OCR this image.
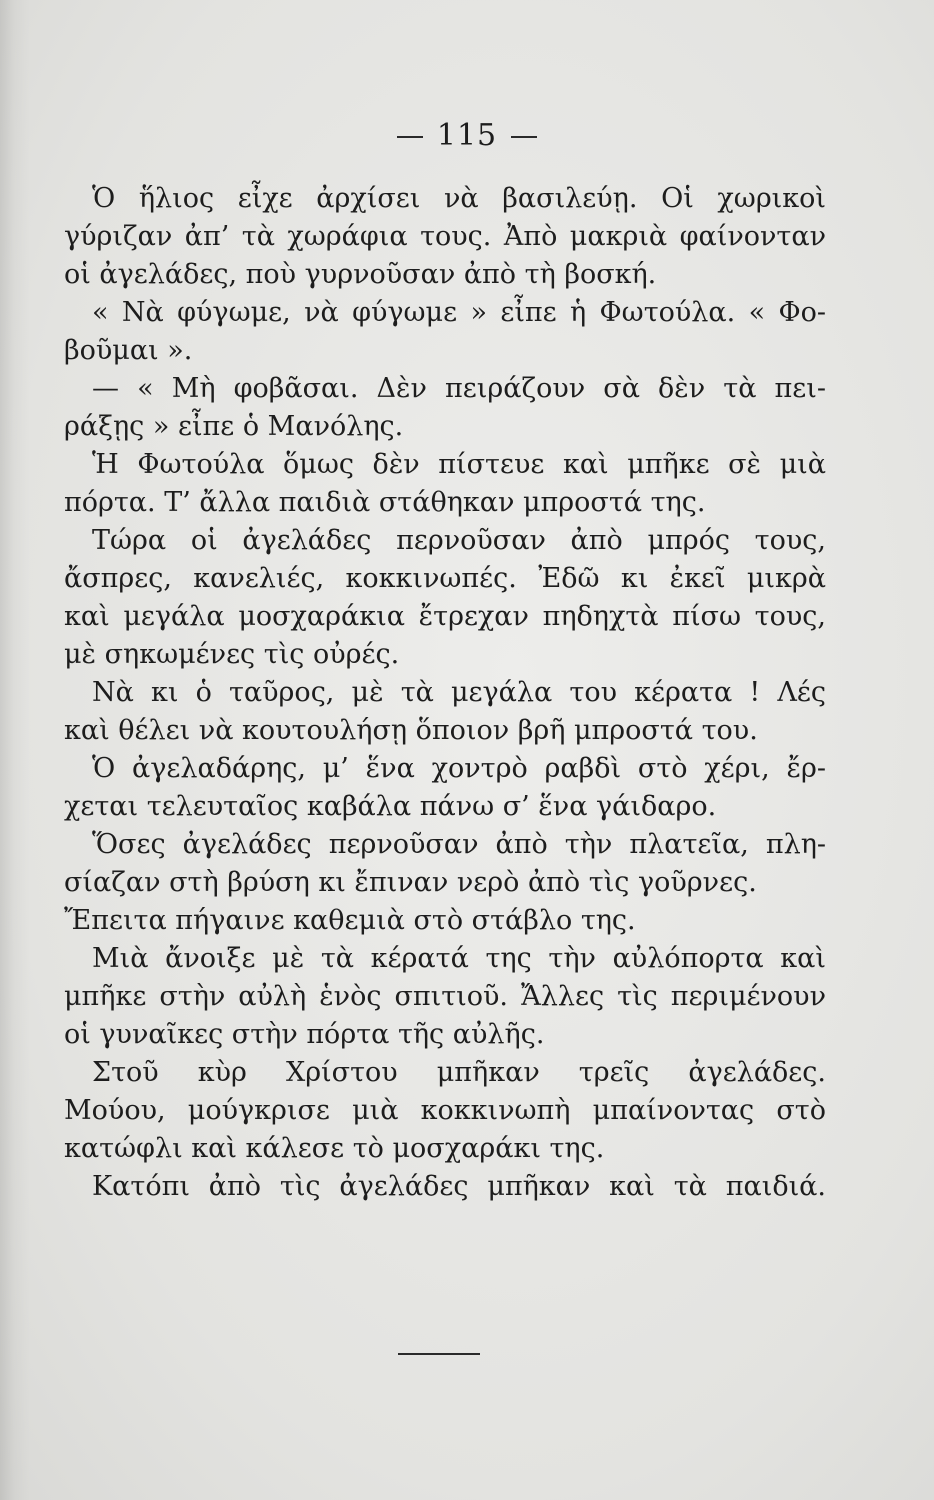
115
Ὁ ἥλιος εἶχε ἀρχίσει νὰ βασιλεύῃ. Οἱ χωρικοὶ
γύριζαν ἀπ’ τὰ χωράφια τους. Ἀπὸ μακριὰ φαίνονταν
οἱ ἀγελάδες, ποὺ γυρνοῦσαν ἀπὸ τὴ βοσκή.
« Νὰ φύγωμε, νὰ φύγωμε » εἶπε ἡ Φωτούλα. « Φο-
βοῦμαι ».
— « Μὴ φοβᾶσαι. Δὲν πειράζουν σὰ δὲν τὰ πει-
ράξῃς » εἶπε ὁ Μανόλης.
Ἡ Φωτούλα ὅμως δὲν πίστευε καὶ μπῆκε σὲ μιὰ
πόρτα. Τ’ ἄλλα παιδιὰ στάθηκαν μπροστά της.
Τώρα οἱ ἀγελάδες περνοῦσαν ἀπὸ μπρός τους,
ἄσπρες, κανελιές, κοκκινωπές. Ἐδῶ κι ἐκεῖ μικρὰ
καὶ μεγάλα μοσχαράκια ἔτρεχαν πηδηχτὰ πίσω τους,
μὲ σηκωμένες τὶς οὐρές.
Νὰ κι ὁ ταῦρος, μὲ τὰ μεγάλα του κέρατα ! Λές
καὶ θέλει νὰ κουτουλήσῃ ὅποιον βρῆ μπροστά του.
Ὁ ἀγελαδάρης, μ’ ἕνα χοντρὸ ραβδὶ στὸ χέρι, ἔρ-
χεται τελευταῖος καβάλα πάνω σ’ ἕνα γάιδαρο.
Ὅσες ἀγελάδες περνοῦσαν ἀπὸ τὴν πλατεῖα, πλη-
σίαζαν στὴ βρύση κι ἔπιναν νερὸ ἀπὸ τὶς γοῦρνες.
Ἔπειτα πήγαινε καθεμιὰ στὸ στάβλο της.
Μιὰ ἄνοιξε μὲ τὰ κέρατά της τὴν αὐλόπορτα καὶ
μπῆκε στὴν αὐλὴ ἑνὸς σπιτιοῦ. Ἄλλες τὶς περιμένουν
οἱ γυναῖκες στὴν πόρτα τῆς αὐλῆς.
Στοῦ κὺρ Χρίστου μπῆκαν τρεῖς ἀγελάδες.
Μούου, μούγκρισε μιὰ κοκκινωπὴ μπαίνοντας στὸ
κατώφλι καὶ κάλεσε τὸ μοσχαράκι της.
Κατόπι ἀπὸ τὶς ἀγελάδες μπῆκαν καὶ τὰ παιδιά.
